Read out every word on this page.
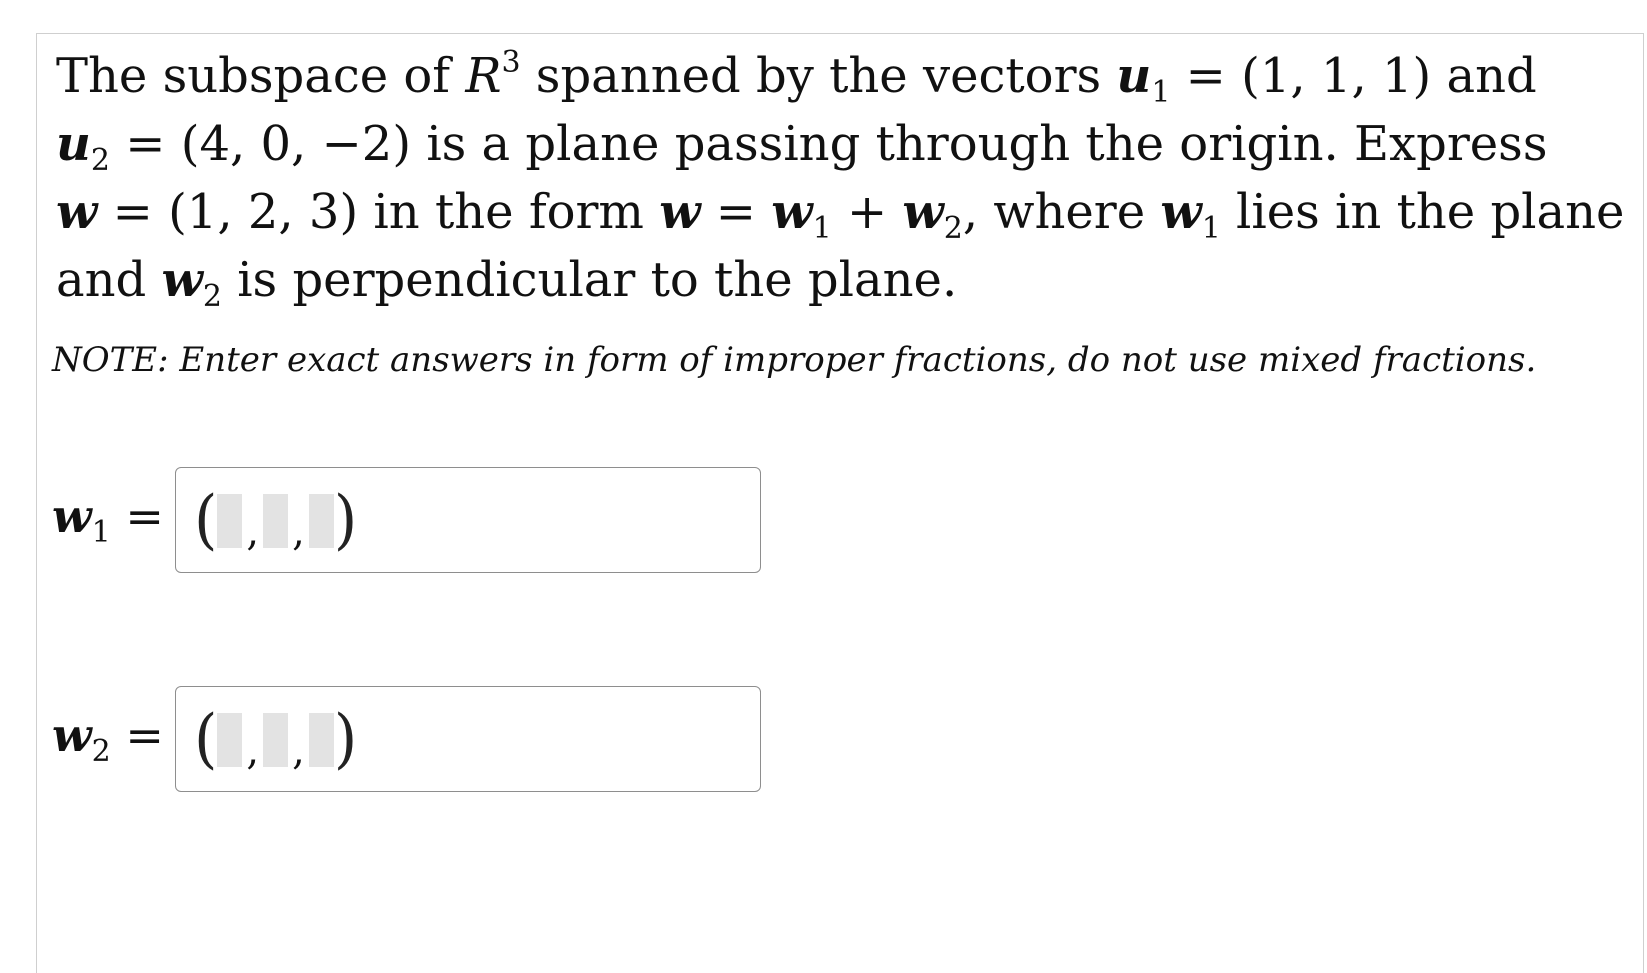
The subspace of $R^3$ spanned by the vectors $u_1 = (1$, 1, 1) and
$u_2 = (4$, 0, −2) is a plane passing through the origin. Express
w = (1, 2, 3) in the form $w = w_1 + w_2$, where $w_1$ lies in the plane
and $w_2$ is perpendicular to the plane.
NOTE: Enter exact answers in form of improper fractions, do not use mixed fractions.
$w_1$ = ( , , )
$w_2$ = ( , , )
